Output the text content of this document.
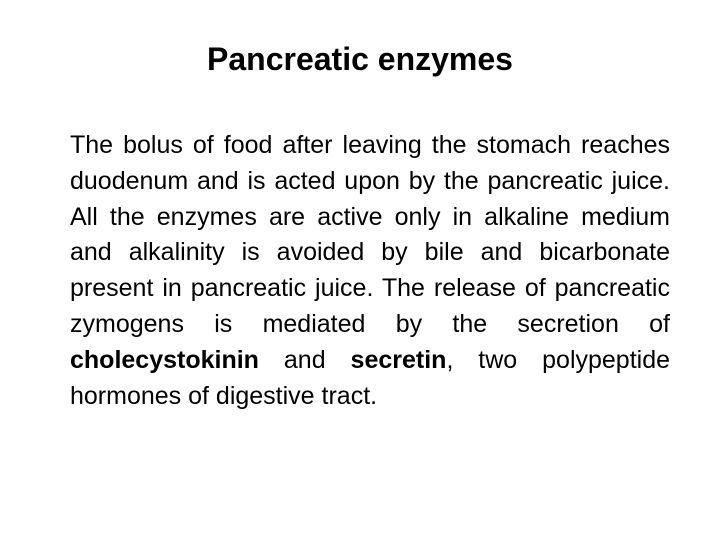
Pancreatic enzymes

The bolus of food after leaving the stomach reaches duodenum and is acted upon by the pancreatic juice. All the enzymes are active only in alkaline medium and alkalinity is avoided by bile and bicarbonate present in pancreatic juice. The release of pancreatic zymogens is mediated by the secretion of cholecystokinin and secretin, two polypeptide hormones of digestive tract.
